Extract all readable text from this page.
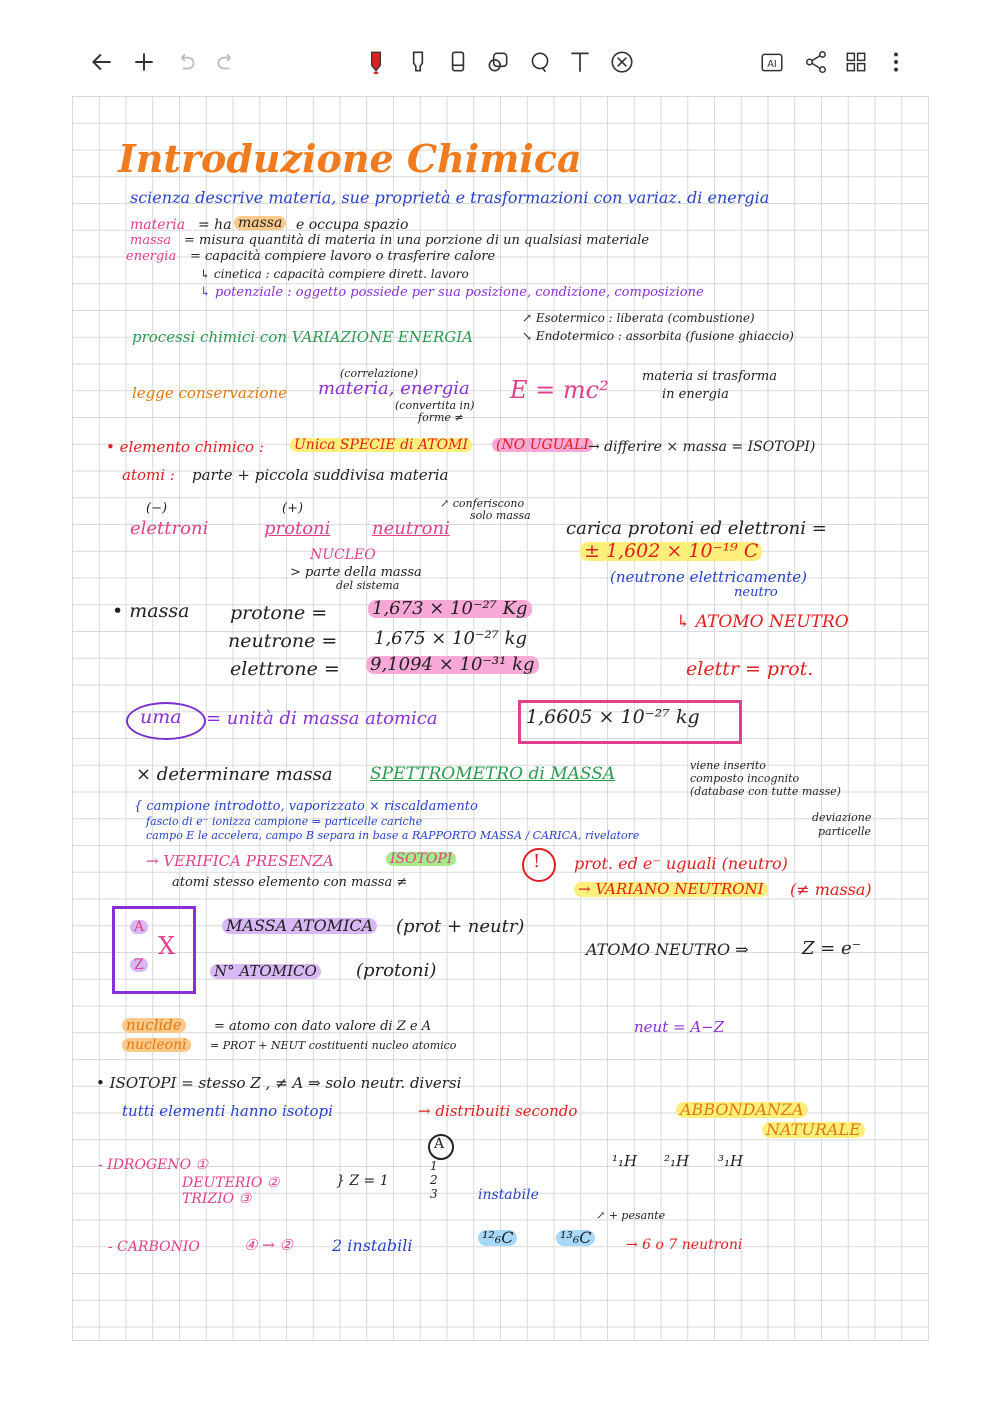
AI
Introduzione Chimica
scienza descrive materia, sue proprietà e trasformazioni con variaz. di energia
materia = ha massa e occupa spazio
massa = misura quantità di materia in una porzione di un qualsiasi materiale
energia = capacità compiere lavoro o trasferire calore
↳ cinetica : capacità compiere dirett. lavoro
↳ potenziale : oggetto possiede per sua posizione, condizione, composizione
↗ Esotermico : liberata (combustione)
processi chimici con VARIAZIONE ENERGIA	↘ Endotermico : assorbita (fusione ghiaccio)
(correlazione)
legge conservazione materia, energia
(convertita in)
forme ≠
E = mc²	materia si trasforma
in energia
• elemento chimico : Unica SPECIE di ATOMI (NO UGUALI → differire × massa = ISOTOPI)
atomi : parte + piccola suddivisa materia
(−)	(+)	↗ conferiscono
solo massa
elettroni	protoni neutroni
NUCLEO
> parte della massa
del sistema
carica protoni ed elettroni =
± 1,602 × 10⁻¹⁹ C
(neutrone elettricamente)
neutro
• massa protone = 1,673 × 10⁻²⁷ Kg
neutrone = 1,675 × 10⁻²⁷ kg
elettrone = 9,1094 × 10⁻³¹ kg
↳ ATOMO NEUTRO
elettr = prot.
uma = unità di massa atomica	1,6605 × 10⁻²⁷ kg
× determinare massa SPETTROMETRO di MASSA	viene inserito
composto incognito
(database con tutte masse)
{ campione introdotto, vaporizzato × riscaldamento
fascio di e⁻ ionizza campione ⇒ particelle cariche
campo E le accelera, campo B separa in base a RAPPORTO MASSA / CARICA, rivelatore
deviazione
particelle
→ VERIFICA PRESENZA	ISOTOPI
atomi stesso elemento con massa ≠
! prot. ed e⁻ uguali (neutro)
→ VARIANO NEUTRONI (≠ massa)
A
X
Z
MASSA ATOMICA (prot + neutr)
N° ATOMICO (protoni)
ATOMO NEUTRO ⇒	Z = e⁻
nuclide	= atomo con dato valore di Z e A
nucleoni	= PROT + NEUT costituenti nucleo atomico
neut = A−Z
• ISOTOPI = stesso Z , ≠ A ⇒ solo neutr. diversi
tutti elementi hanno isotopi	→ distribuiti secondo	ABBONDANZA
NATURALE
A
- IDROGENO ①
DEUTERIO ②
TRIZIO ③
} Z = 1
1
2
3	instabile
¹₁H ²₁H ³₁H
↗ + pesante
- CARBONIO	④ → ② 2 instabili	¹²₆C	¹³₆C → 6 o 7 neutroni
